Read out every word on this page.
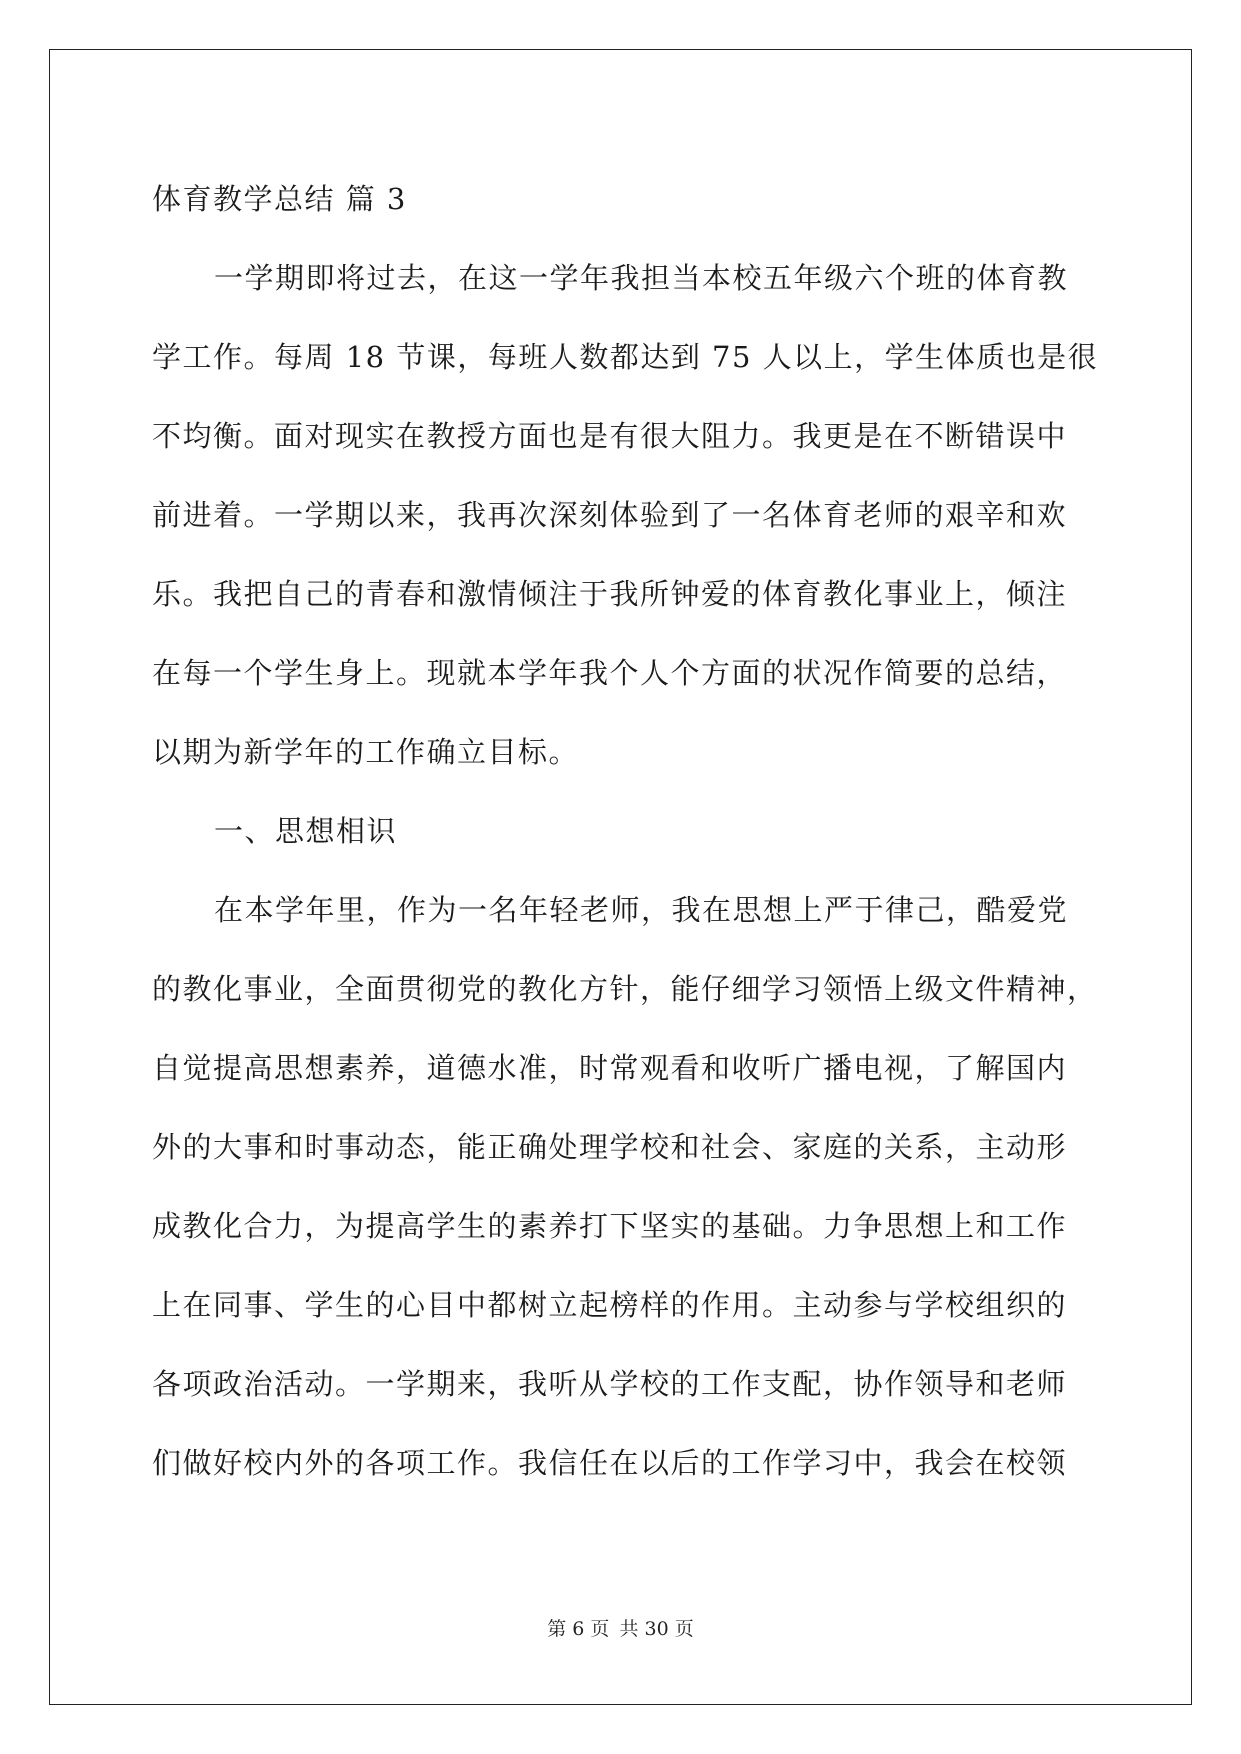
体育教学总结 篇 3
一学期即将过去，在这一学年我担当本校五年级六个班的体育教
学工作。每周 18 节课，每班人数都达到 75 人以上，学生体质也是很
不均衡。面对现实在教授方面也是有很大阻力。我更是在不断错误中
前进着。一学期以来，我再次深刻体验到了一名体育老师的艰辛和欢
乐。我把自己的青春和激情倾注于我所钟爱的体育教化事业上，倾注
在每一个学生身上。现就本学年我个人个方面的状况作简要的总结，
以期为新学年的工作确立目标。
一、思想相识
在本学年里，作为一名年轻老师，我在思想上严于律己，酷爱党
的教化事业，全面贯彻党的教化方针，能仔细学习领悟上级文件精神，
自觉提高思想素养，道德水准，时常观看和收听广播电视，了解国内
外的大事和时事动态，能正确处理学校和社会、家庭的关系，主动形
成教化合力，为提高学生的素养打下坚实的基础。力争思想上和工作
上在同事、学生的心目中都树立起榜样的作用。主动参与学校组织的
各项政治活动。一学期来，我听从学校的工作支配，协作领导和老师
们做好校内外的各项工作。我信任在以后的工作学习中，我会在校领
第 6 页 共 30 页
